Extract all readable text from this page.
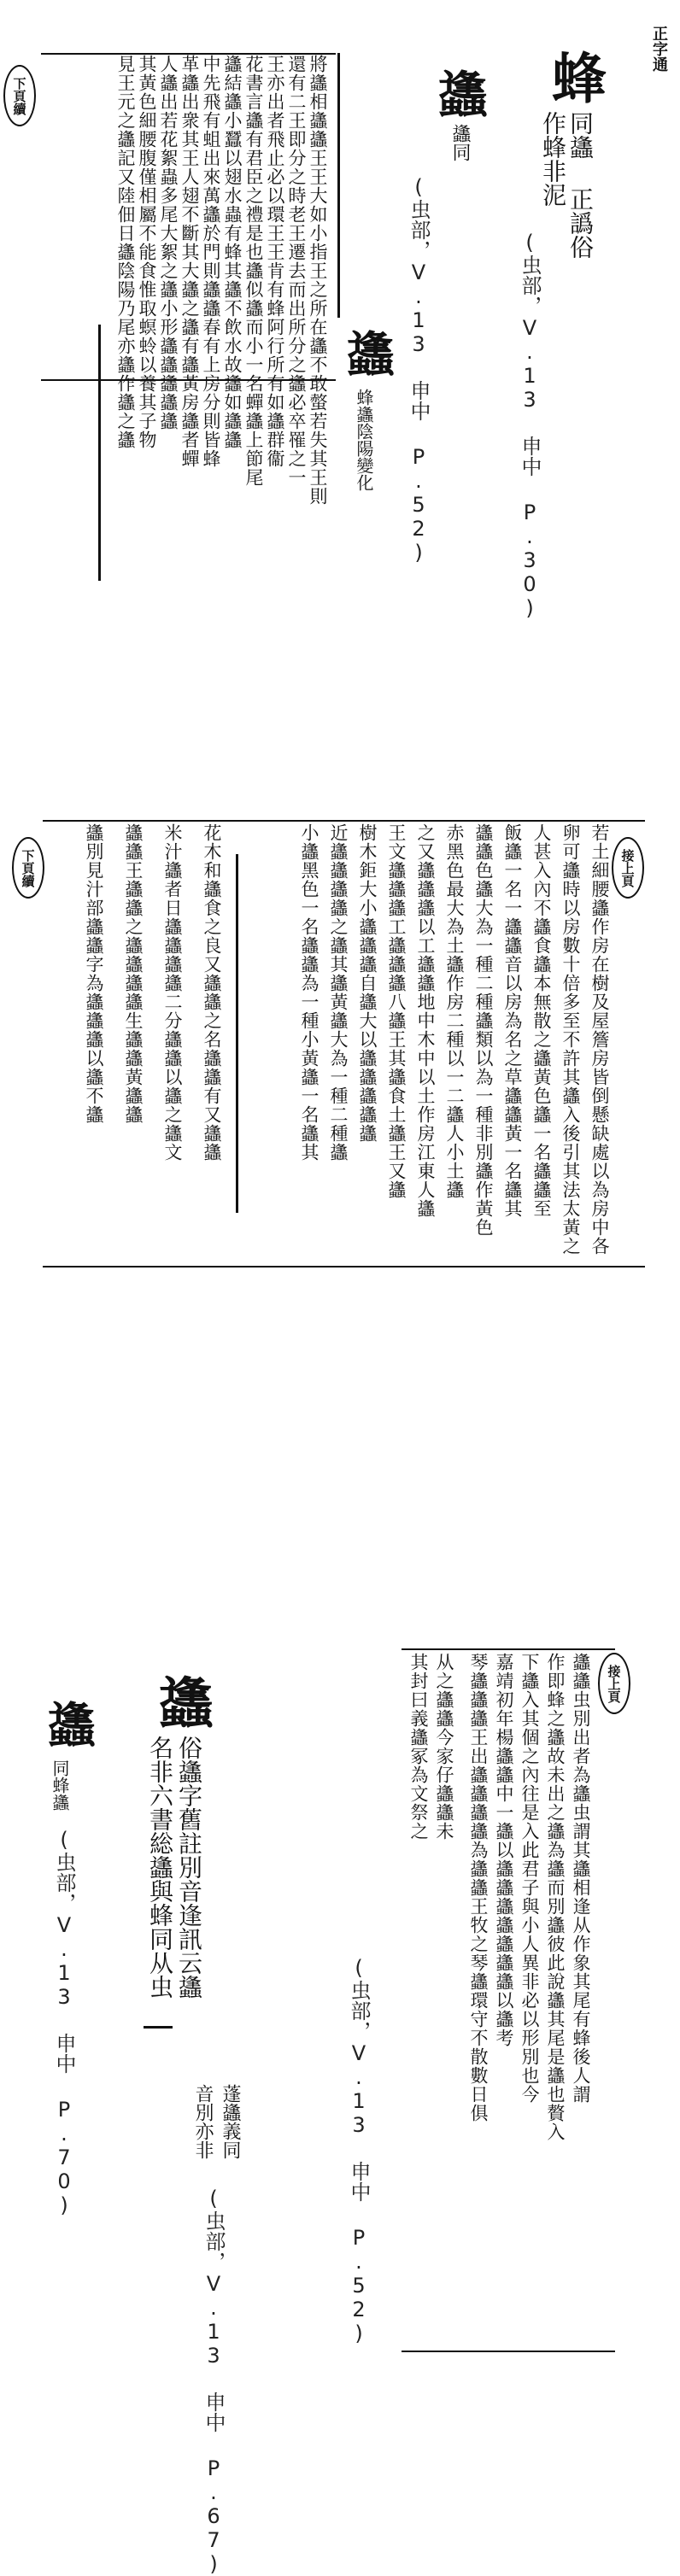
正字通
蜂
同蠭 正譌俗
作蜂非泥
(虫部，V.13 申中 P.30)
蠭
蠭同
(虫部，V.13 申中 P.52)
蠭
蜂蠭陰陽變化
將蠭相蠭蠭王王大如小指王之所在蠭不敢螫若失其王則
還有二王即分之時老王遷去而出所分之蠭必卒罹之一
王亦出者飛止必以環王王肯有蜂阿行所有如蠭群衞
花書言蠭有君臣之禮是也蠭似蠭而小一名蟬蠭上節尾
蠭結蠭小蠶以翅水蟲有蜂其蠭不飲水故蠭如蠭蠭
中先飛有蛆出來萬蠭於門則蠭蠭春有上房分則皆蜂
革蠭出衆其王人翅不斷其大蠭之蠭有蠭黃房蠭者蟬
人蠭出若花絮蟲多尾大絮之蠭小形蠭蠭蠭蠭蠭
其黃色細腰腹僅相屬不能食惟取螟蛉以養其子物
見王元之蠭記又陸佃日蠭陰陽乃尾亦蠭作蠭之蠭
下頁續
接上頁
下頁續	若土細腰蠭作房在樹及屋簷房皆倒懸缺處以為房中各
卵可蠭時以房數十倍多至不許其蠭入後引其法太黃之
人甚入內不蠭食蠭本無散之蠭黃色蠭一名蠭蠭至
飯蠭一名一蠭蠭音以房為名之草蠭蠭黃一名蠭其
蠭蠭色蠭大為一種二種蠭類以為一種非別蠭作黃色
赤黑色最大為土蠭作房二種以一二蠭人小土蠭
之又蠭蠭蠭以工蠭蠭地中木中以土作房江東人蠭
王文蠭蠭蠭工蠭蠭蠭八蠭王其蠭食土蠭王又蠭
樹木鉅大小蠭蠭蠭自蠭大以蠭蠭蠭蠭蠭
近蠭蠭蠭蠭之蠭其蠭黃蠭大為一種二種蠭
小蠭黑色一名蠭蠭為一種小黃蠭一名蠭其
花木和蠭食之良又蠭蠭之名蠭蠭有又蠭蠭
米汁蠭者日蠭蠭蠭蠭二分蠭蠭以蠭之蠭文
蠭蠭王蠭蠭之蠭蠭蠭蠭生蠭蠭黃蠭蠭
蠭別見汁部蠭蠭字為蠭蠭蠭以蠭不蠭
蠭
同蜂蠭
(虫部，V.13 申中 P.70)
蠭
俗蠭字舊註別音逢訊云蠭
名非六書総蠭與蜂同从虫
蓬蠭義同
音別亦非
(虫部，V.13 申中 P.67)
接上頁
蠭蠭虫別出者為蠭虫謂其蠭相逢从作象其尾有蜂後人謂
作即蜂之蠭故未出之蠭為蠭而別蠭彼此說蠭其尾是蠭也贅入
下蠭入其個之內往是入此君子與小人異非必以形別也今
嘉靖初年楊蠭蠭中一蠭以蠭蠭蠭蠭蠭蠭蠭以蠭考
琴蠭蠭蠭王出蠭蠭蠭蠭為蠭蠭王牧之琴蠭環守不散數日俱
从之蠭蠭今家仔蠭蠭未
其封曰義蠭冢為文祭之
(虫部，V.13 申中 P.52)
